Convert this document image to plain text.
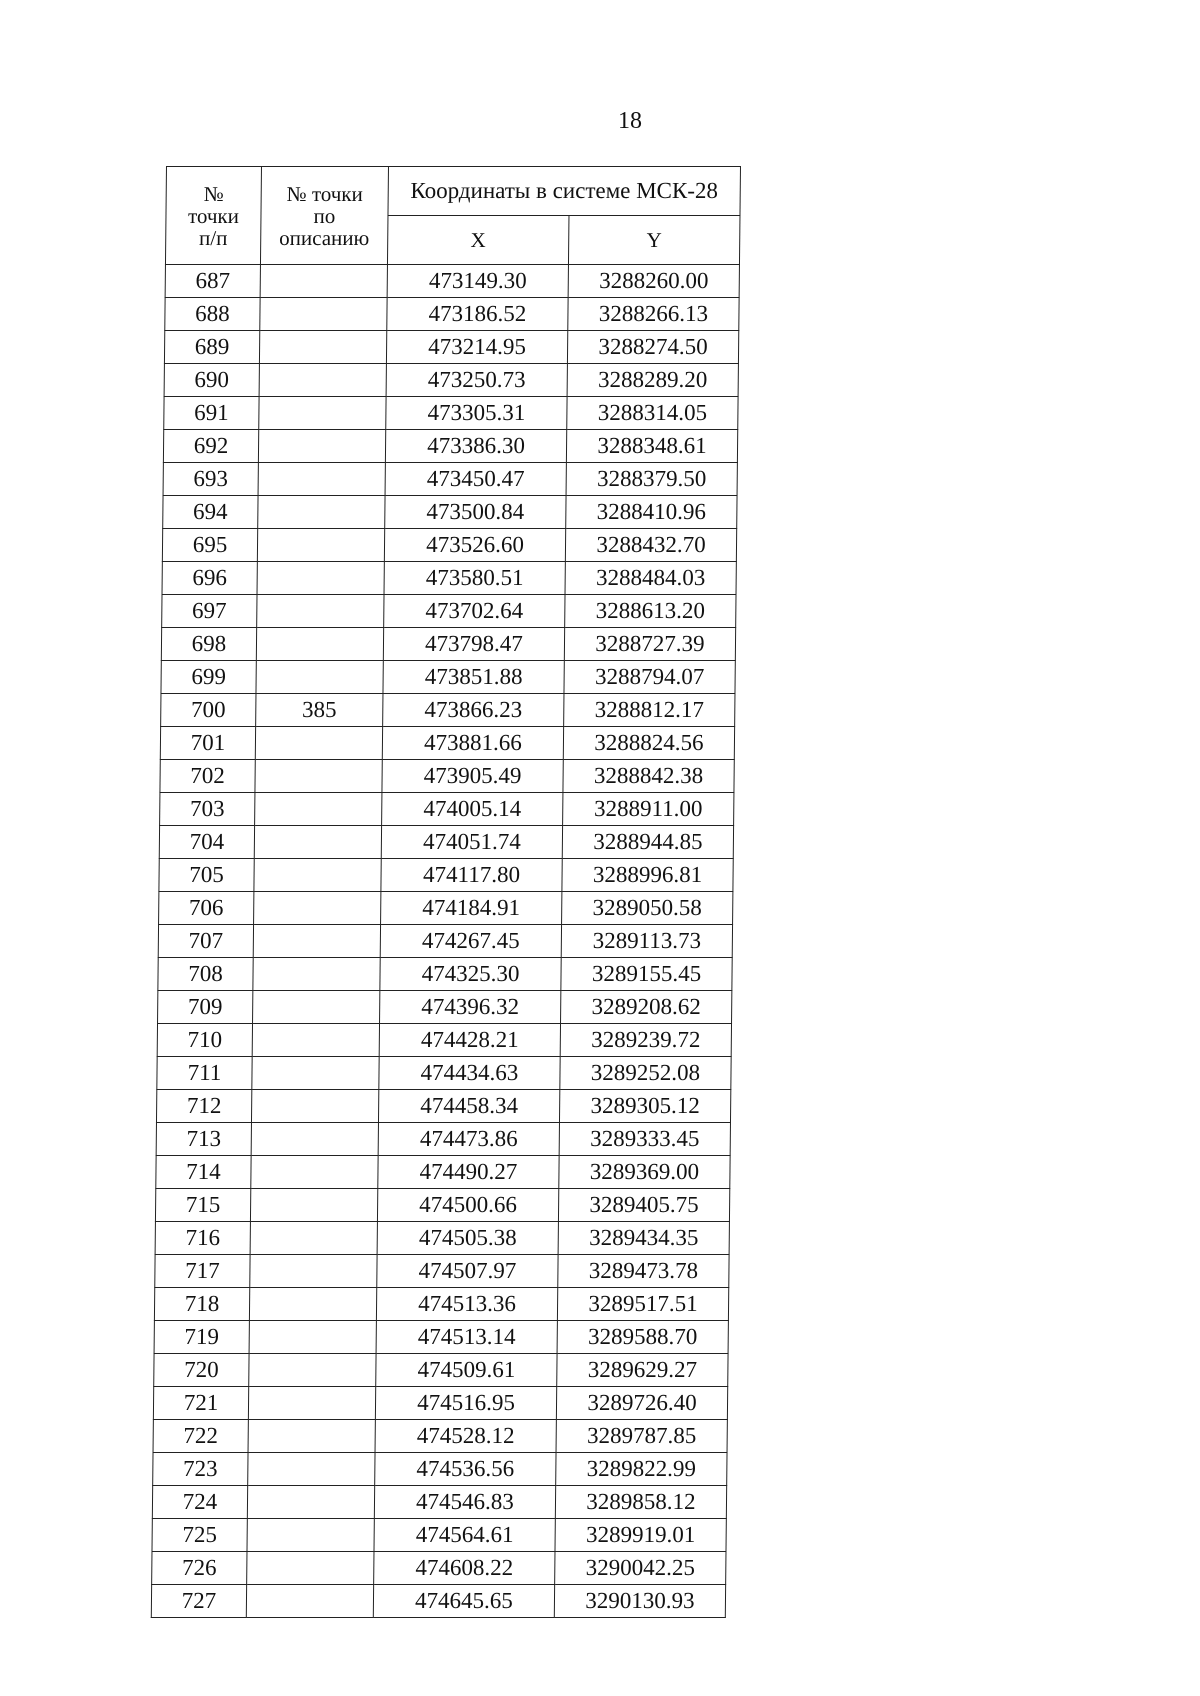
18
№
точки
п/п	№ точки
по
описанию	Координаты в системе МСК-28	
		X	Y
687		473149.30	3288260.00
688		473186.52	3288266.13
689		473214.95	3288274.50
690		473250.73	3288289.20
691		473305.31	3288314.05
692		473386.30	3288348.61
693		473450.47	3288379.50
694		473500.84	3288410.96
695		473526.60	3288432.70
696		473580.51	3288484.03
697		473702.64	3288613.20
698		473798.47	3288727.39
699		473851.88	3288794.07
700	385	473866.23	3288812.17
701		473881.66	3288824.56
702		473905.49	3288842.38
703		474005.14	3288911.00
704		474051.74	3288944.85
705		474117.80	3288996.81
706		474184.91	3289050.58
707		474267.45	3289113.73
708		474325.30	3289155.45
709		474396.32	3289208.62
710		474428.21	3289239.72
711		474434.63	3289252.08
712		474458.34	3289305.12
713		474473.86	3289333.45
714		474490.27	3289369.00
715		474500.66	3289405.75
716		474505.38	3289434.35
717		474507.97	3289473.78
718		474513.36	3289517.51
719		474513.14	3289588.70
720		474509.61	3289629.27
721		474516.95	3289726.40
722		474528.12	3289787.85
723		474536.56	3289822.99
724		474546.83	3289858.12
725		474564.61	3289919.01
726		474608.22	3290042.25
727		474645.65	3290130.93
